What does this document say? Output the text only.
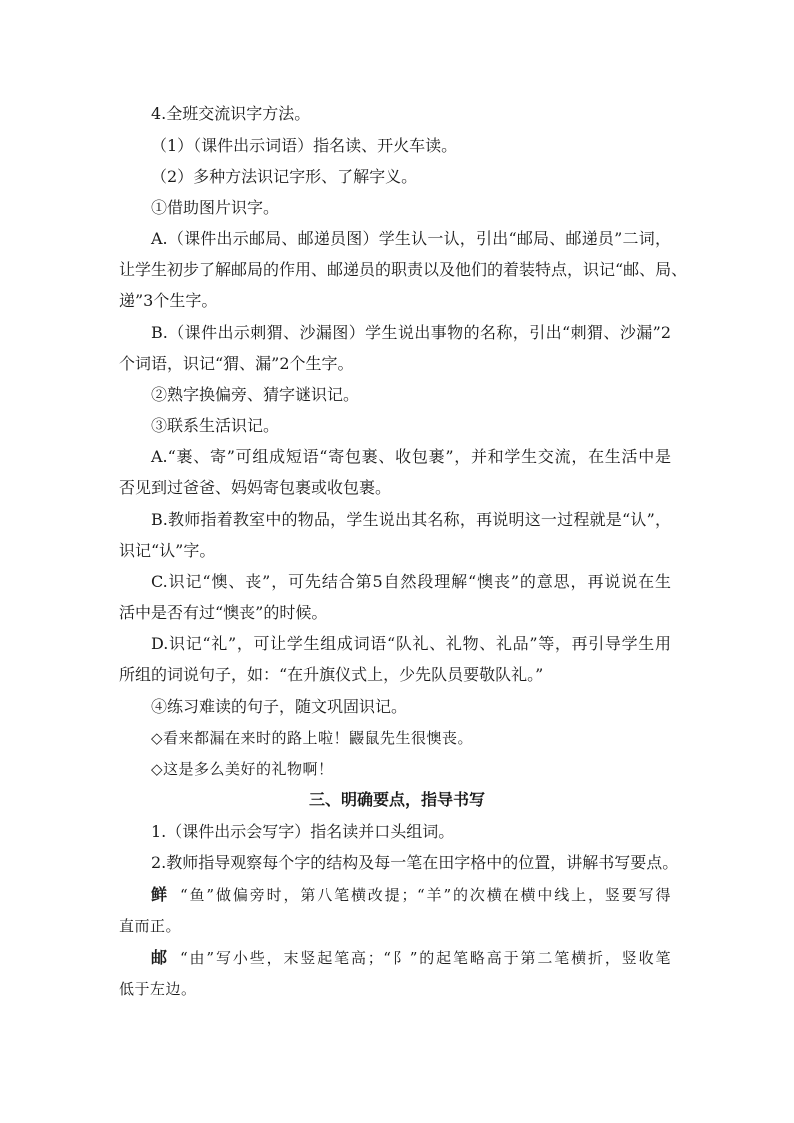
4.全班交流识字方法。
（1）（课件出示词语）指名读、开火车读。
（2）多种方法识记字形、了解字义。
①借助图片识字。
A.（课件出示邮局、邮递员图）学生认一认，引出“邮局、邮递员”二词，
让学生初步了解邮局的作用、邮递员的职责以及他们的着装特点，识记“邮、局、
递”3个生字。
B.（课件出示刺猬、沙漏图）学生说出事物的名称，引出“刺猬、沙漏”2
个词语，识记“猬、漏”2个生字。
②熟字换偏旁、猜字谜识记。
③联系生活识记。
A.“裹、寄”可组成短语“寄包裹、收包裹”，并和学生交流，在生活中是
否见到过爸爸、妈妈寄包裹或收包裹。
B.教师指着教室中的物品，学生说出其名称，再说明这一过程就是“认”，
识记“认”字。
C.识记“懊、丧”，可先结合第5自然段理解“懊丧”的意思，再说说在生
活中是否有过“懊丧”的时候。
D.识记“礼”，可让学生组成词语“队礼、礼物、礼品”等，再引导学生用
所组的词说句子，如：“在升旗仪式上，少先队员要敬队礼。”
④练习难读的句子，随文巩固识记。
◇看来都漏在来时的路上啦！鼹鼠先生很懊丧。
◇这是多么美好的礼物啊！
三、明确要点，指导书写
1.（课件出示会写字）指名读并口头组词。
2.教师指导观察每个字的结构及每一笔在田字格中的位置，讲解书写要点。
鲜 “鱼”做偏旁时，第八笔横改提；“羊”的次横在横中线上，竖要写得
直而正。
邮 “由”写小些，末竖起笔高；“阝”的起笔略高于第二笔横折，竖收笔
低于左边。
